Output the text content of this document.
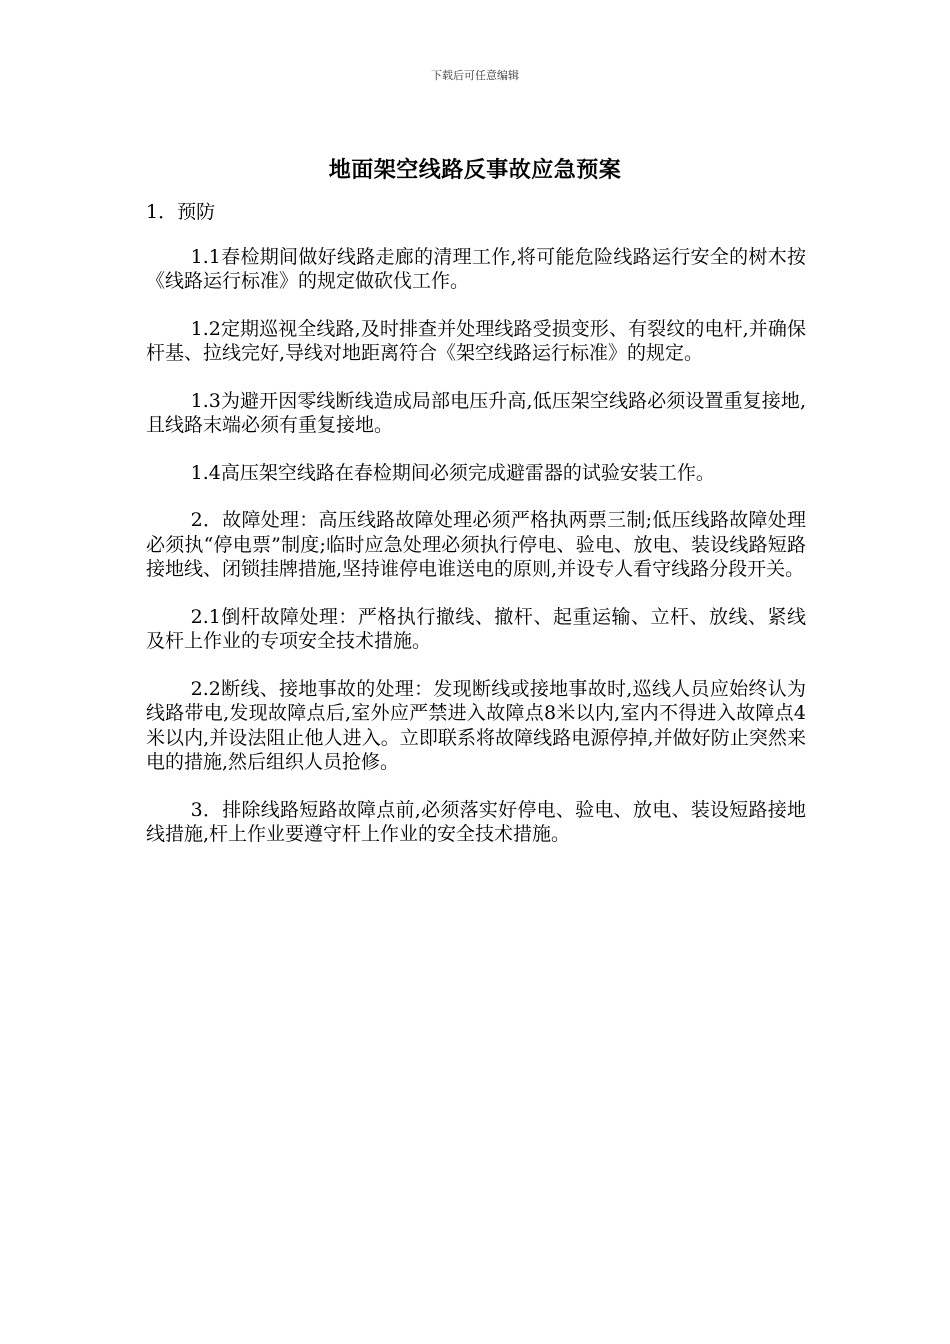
下载后可任意编辑
地面架空线路反事故应急预案

1．预防

1.1春检期间做好线路走廊的清理工作,将可能危险线路运行安全的树木按《线路运行标准》的规定做砍伐工作。

1.2定期巡视全线路,及时排查并处理线路受损变形、有裂纹的电杆,并确保杆基、拉线完好,导线对地距离符合《架空线路运行标准》的规定。

1.3为避开因零线断线造成局部电压升高,低压架空线路必须设置重复接地,且线路末端必须有重复接地。

1.4高压架空线路在春检期间必须完成避雷器的试验安装工作。

2．故障处理：高压线路故障处理必须严格执两票三制;低压线路故障处理必须执“停电票”制度;临时应急处理必须执行停电、验电、放电、装设线路短路接地线、闭锁挂牌措施,坚持谁停电谁送电的原则,并设专人看守线路分段开关。

2.1倒杆故障处理：严格执行撤线、撤杆、起重运输、立杆、放线、紧线及杆上作业的专项安全技术措施。

2.2断线、接地事故的处理：发现断线或接地事故时,巡线人员应始终认为线路带电,发现故障点后,室外应严禁进入故障点8米以内,室内不得进入故障点4米以内,并设法阻止他人进入。立即联系将故障线路电源停掉,并做好防止突然来电的措施,然后组织人员抢修。

3．排除线路短路故障点前,必须落实好停电、验电、放电、装设短路接地线措施,杆上作业要遵守杆上作业的安全技术措施。
